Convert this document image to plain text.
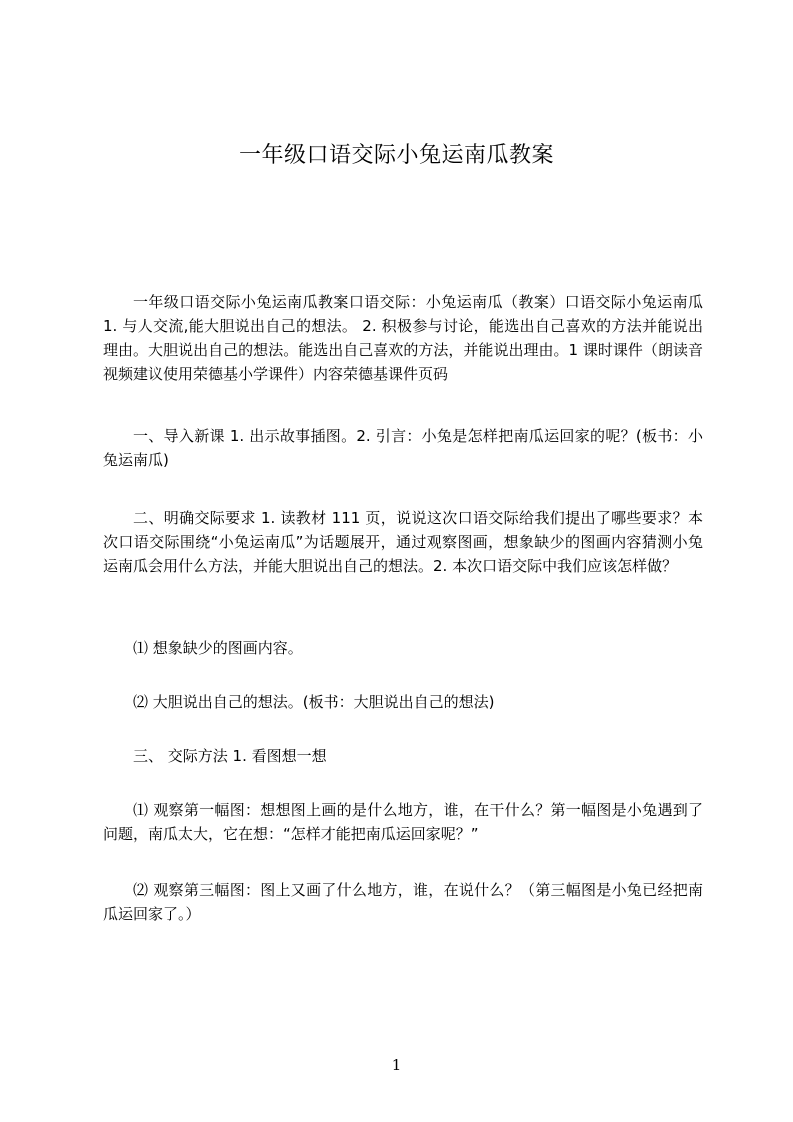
一年级口语交际小兔运南瓜教案

一年级口语交际小兔运南瓜教案口语交际：小兔运南瓜（教案）口语交际小兔运南瓜 1. 与人交流,能大胆说出自己的想法。 2. 积极参与讨论，能选出自己喜欢的方法并能说出理由。大胆说出自己的想法。能选出自己喜欢的方法，并能说出理由。1 课时课件（朗读音视频建议使用荣德基小学课件）内容荣德基课件页码

一、导入新课 1. 出示故事插图。2. 引言：小兔是怎样把南瓜运回家的呢？(板书：小兔运南瓜)

二、明确交际要求 1. 读教材 111 页，说说这次口语交际给我们提出了哪些要求？本次口语交际围绕“小兔运南瓜”为话题展开，通过观察图画，想象缺少的图画内容猜测小兔运南瓜会用什么方法，并能大胆说出自己的想法。2. 本次口语交际中我们应该怎样做？

⑴ 想象缺少的图画内容。

⑵ 大胆说出自己的想法。(板书：大胆说出自己的想法)

三、 交际方法 1. 看图想一想

⑴ 观察第一幅图：想想图上画的是什么地方，谁，在干什么？第一幅图是小兔遇到了问题，南瓜太大，它在想：“怎样才能把南瓜运回家呢？”

⑵ 观察第三幅图：图上又画了什么地方，谁，在说什么？（第三幅图是小兔已经把南瓜运回家了。）

1
